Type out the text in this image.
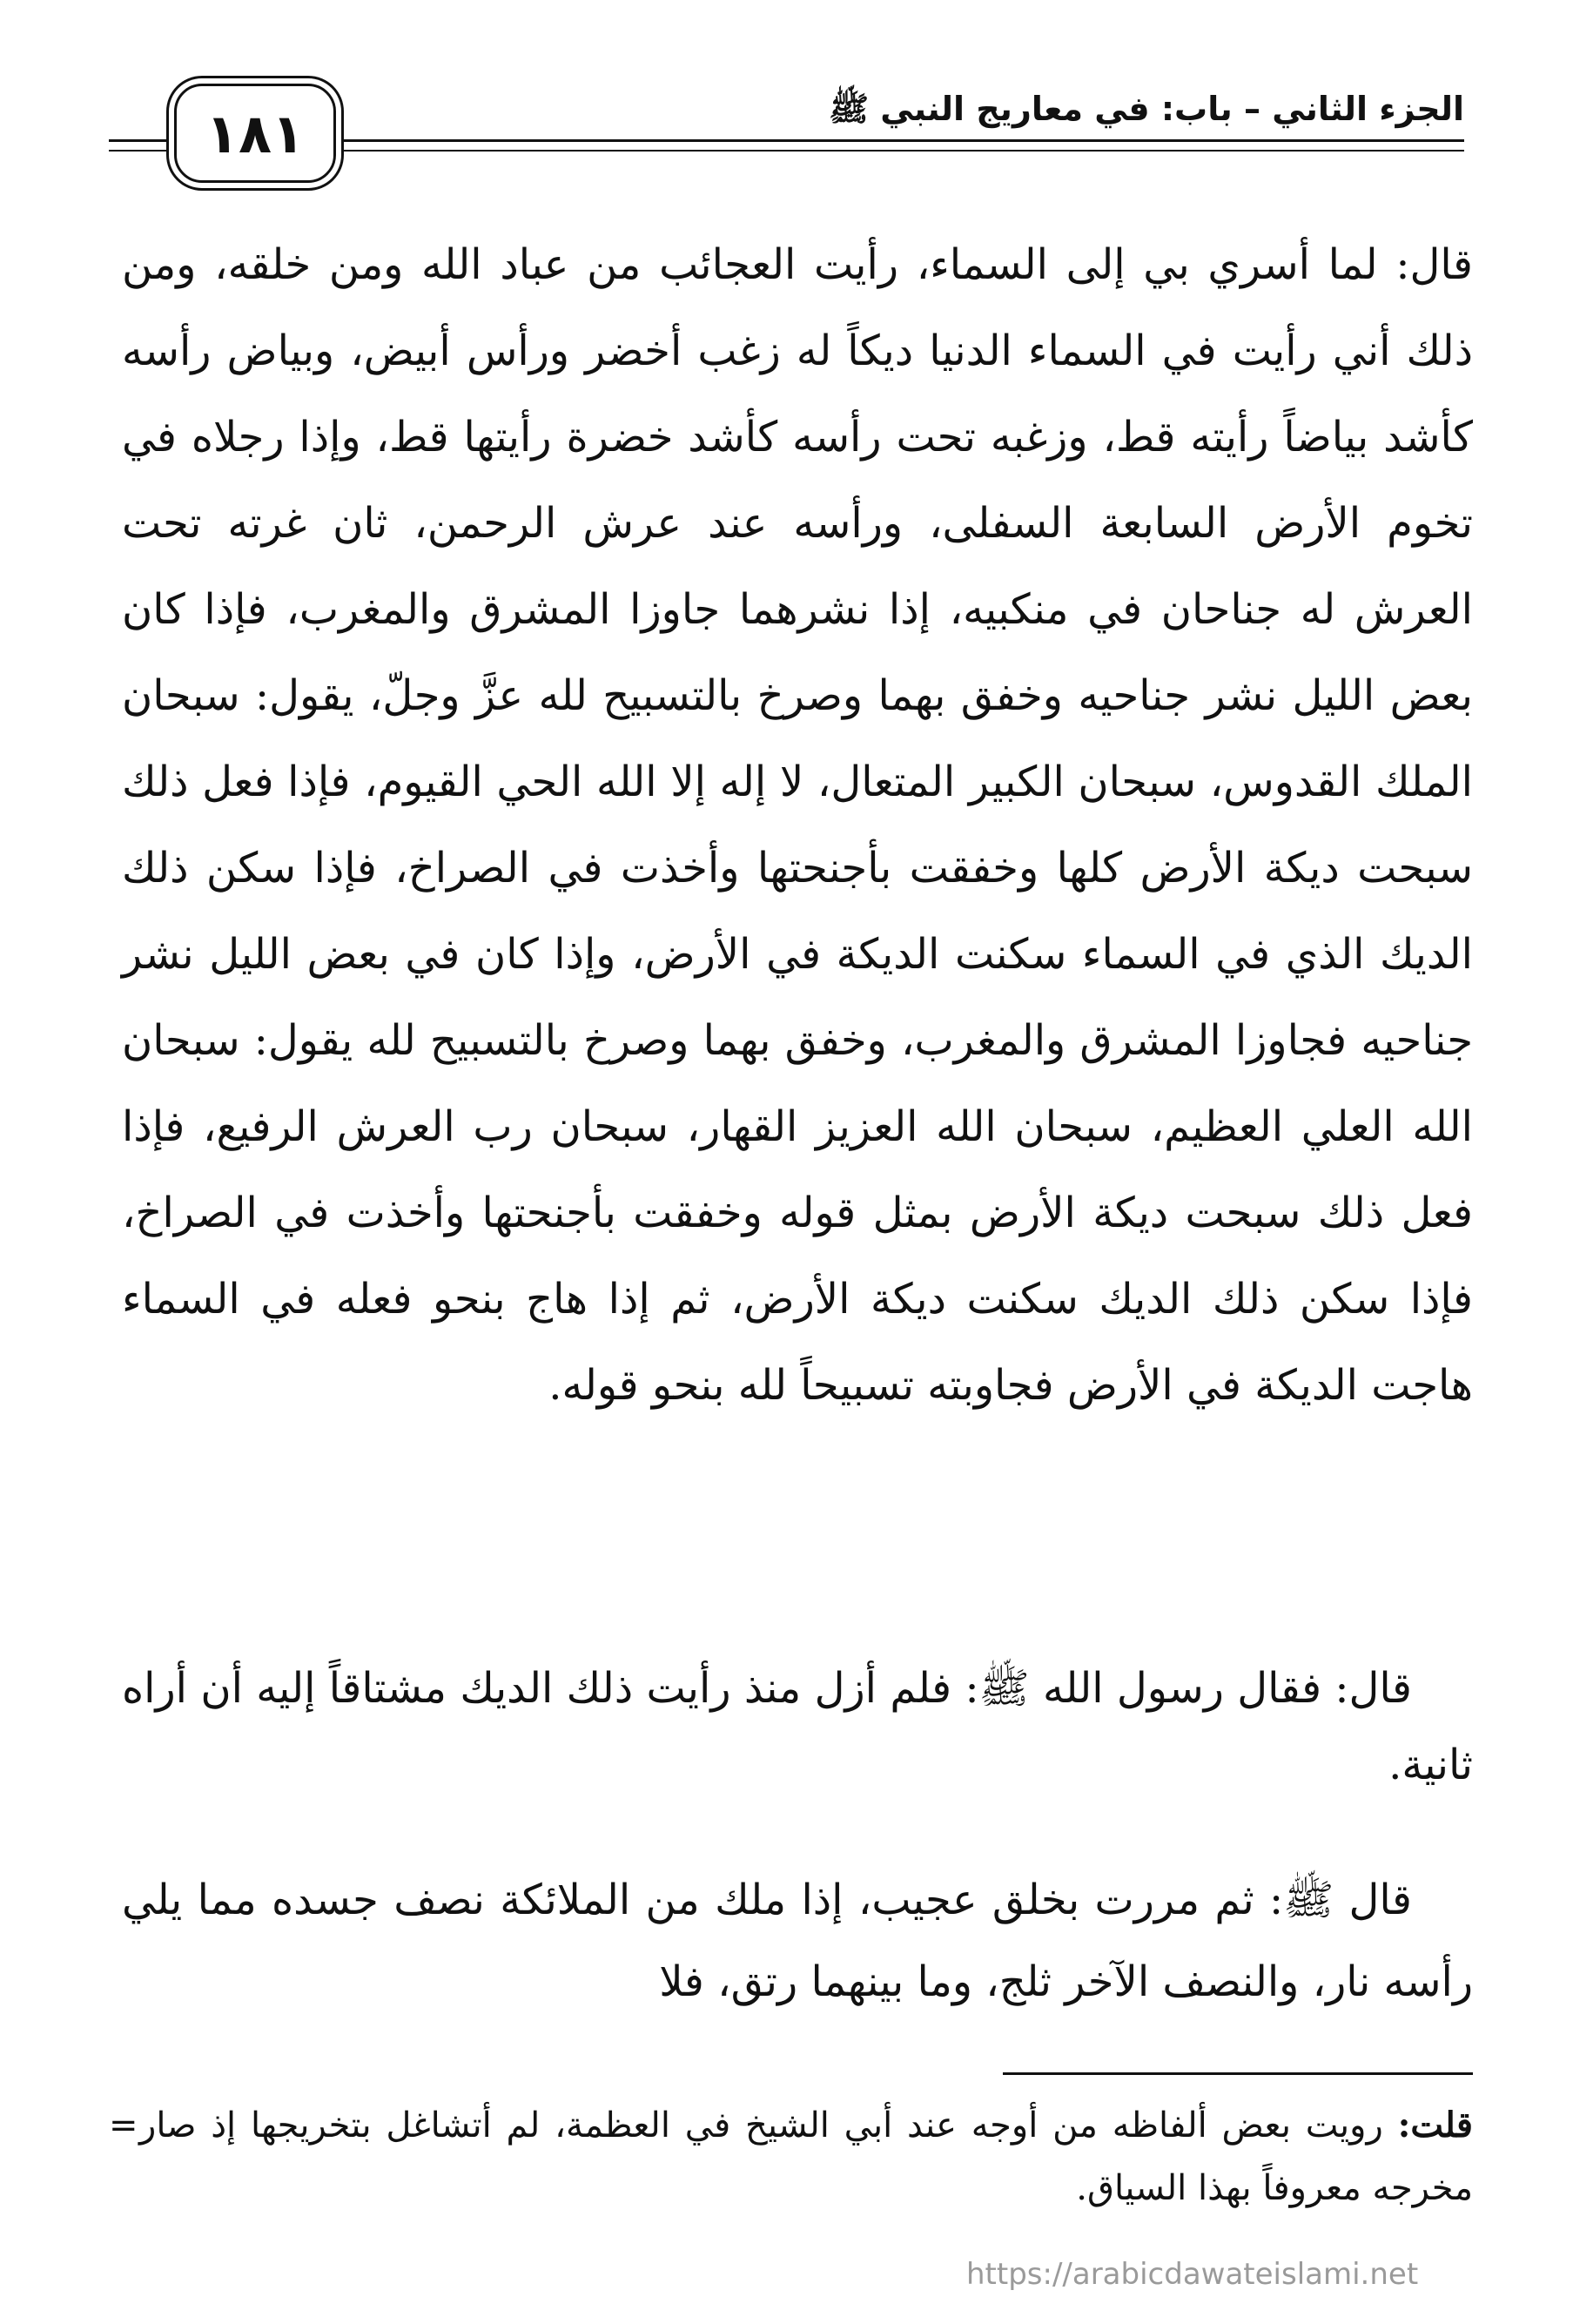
الجزء الثاني – باب: في معاريج النبي ﷺ
١٨١

قال: لما أسري بي إلى السماء، رأيت العجائب من عباد الله ومن خلقه، ومن ذلك أني رأيت في السماء الدنيا ديكاً له زغب أخضر ورأس أبيض، وبياض رأسه كأشد بياضاً رأيته قط، وزغبه تحت رأسه كأشد خضرة رأيتها قط، وإذا رجلاه في تخوم الأرض السابعة السفلى، ورأسه عند عرش الرحمن، ثان غرته تحت العرش له جناحان في منكبيه، إذا نشرهما جاوزا المشرق والمغرب، فإذا كان بعض الليل نشر جناحيه وخفق بهما وصرخ بالتسبيح لله عزَّ وجلّ، يقول: سبحان الملك القدوس، سبحان الكبير المتعال، لا إله إلا الله الحي القيوم، فإذا فعل ذلك سبحت ديكة الأرض كلها وخفقت بأجنحتها وأخذت في الصراخ، فإذا سكن ذلك الديك الذي في السماء سكنت الديكة في الأرض، وإذا كان في بعض الليل نشر جناحيه فجاوزا المشرق والمغرب، وخفق بهما وصرخ بالتسبيح لله يقول: سبحان الله العلي العظيم، سبحان الله العزيز القهار، سبحان رب العرش الرفيع، فإذا فعل ذلك سبحت ديكة الأرض بمثل قوله وخفقت بأجنحتها وأخذت في الصراخ، فإذا سكن ذلك الديك سكنت ديكة الأرض، ثم إذا هاج بنحو فعله في السماء هاجت الديكة في الأرض فجاوبته تسبيحاً لله بنحو قوله.

قال: فقال رسول الله ﷺ: فلم أزل منذ رأيت ذلك الديك مشتاقاً إليه أن أراه ثانية.

قال ﷺ: ثم مررت بخلق عجيب، إذا ملك من الملائكة نصف جسده مما يلي رأسه نار، والنصف الآخر ثلج، وما بينهما رتق، فلا

=	قلت: رويت بعض ألفاظه من أوجه عند أبي الشيخ في العظمة، لم أتشاغل بتخريجها إذ صار مخرجه معروفاً بهذا السياق.

https://arabicdawateislami.net
